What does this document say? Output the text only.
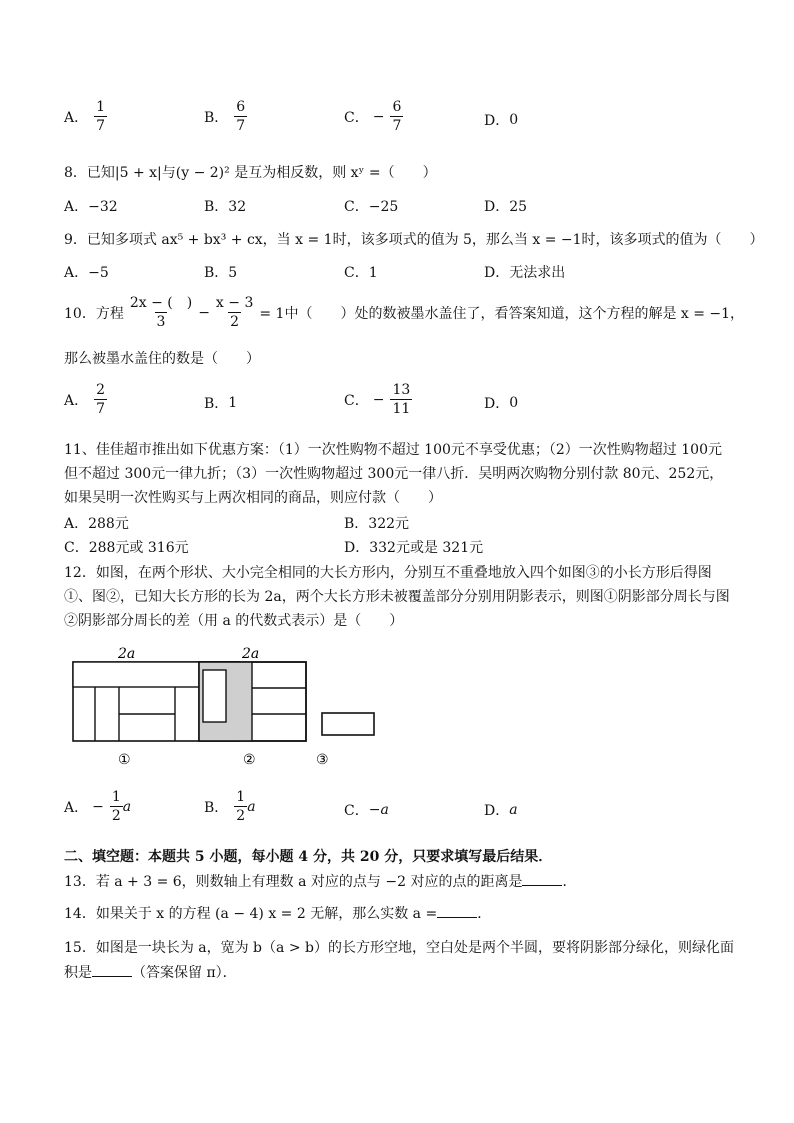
A． $\frac{1}{7}$	B． $\frac{6}{7}$	C． − $\frac{6}{7}$	D． 0
8．已知|5 + x|与(y − 2)² 是互为相反数，则 xʸ =（　　）
A．−32	B．32	C．−25	D．25
9．已知多项式 ax⁵ + bx³ + cx，当 x = 1时，该多项式的值为 5，那么当 x = −1时，该多项式的值为（　　）
A．−5	B．5	C．1	D．无法求出
10．方程 $\frac{2x - ( )}{3} - \frac{x - 3}{2} = 1$中（　　）处的数被墨水盖住了，看答案知道，这个方程的解是 x = −1，
那么被墨水盖住的数是（　　）
A． $\frac{2}{7}$	B． 1	C． − $\frac{13}{11}$	D． 0
11、佳佳超市推出如下优惠方案：（1）一次性购物不超过 100元不享受优惠；（2）一次性购物超过 100元
但不超过 300元一律九折；（3）一次性购物超过 300元一律八折．吴明两次购物分别付款 80元、252元，
如果吴明一次性购买与上两次相同的商品，则应付款（　　）
A．288元	B．322元
C．288元或 316元	D．332元或是 321元
12．如图，在两个形状、大小完全相同的大长方形内，分别互不重叠地放入四个如图③的小长方形后得图
①、图②，已知大长方形的长为 2a，两个大长方形未被覆盖部分分别用阴影表示，则图①阴影部分周长与图
②阴影部分周长的差（用 a 的代数式表示）是（　　）
2a
①
2a
②	③
A． − $\frac{1}{2}$ a	B． $\frac{1}{2}$ a	C． −a	D． a
二、填空题：本题共 5 小题，每小题 4 分，共 20 分，只要求填写最后结果．
13．若 a + 3 = 6，则数轴上有理数 a 对应的点与 −2 对应的点的距离是	．
14．如果关于 x 的方程 (a − 4) x = 2 无解，那么实数 a =	．
15．如图是一块长为 a，宽为 b（a > b）的长方形空地，空白处是两个半圆，要将阴影部分绿化，则绿化面
积是	（答案保留 π）．
